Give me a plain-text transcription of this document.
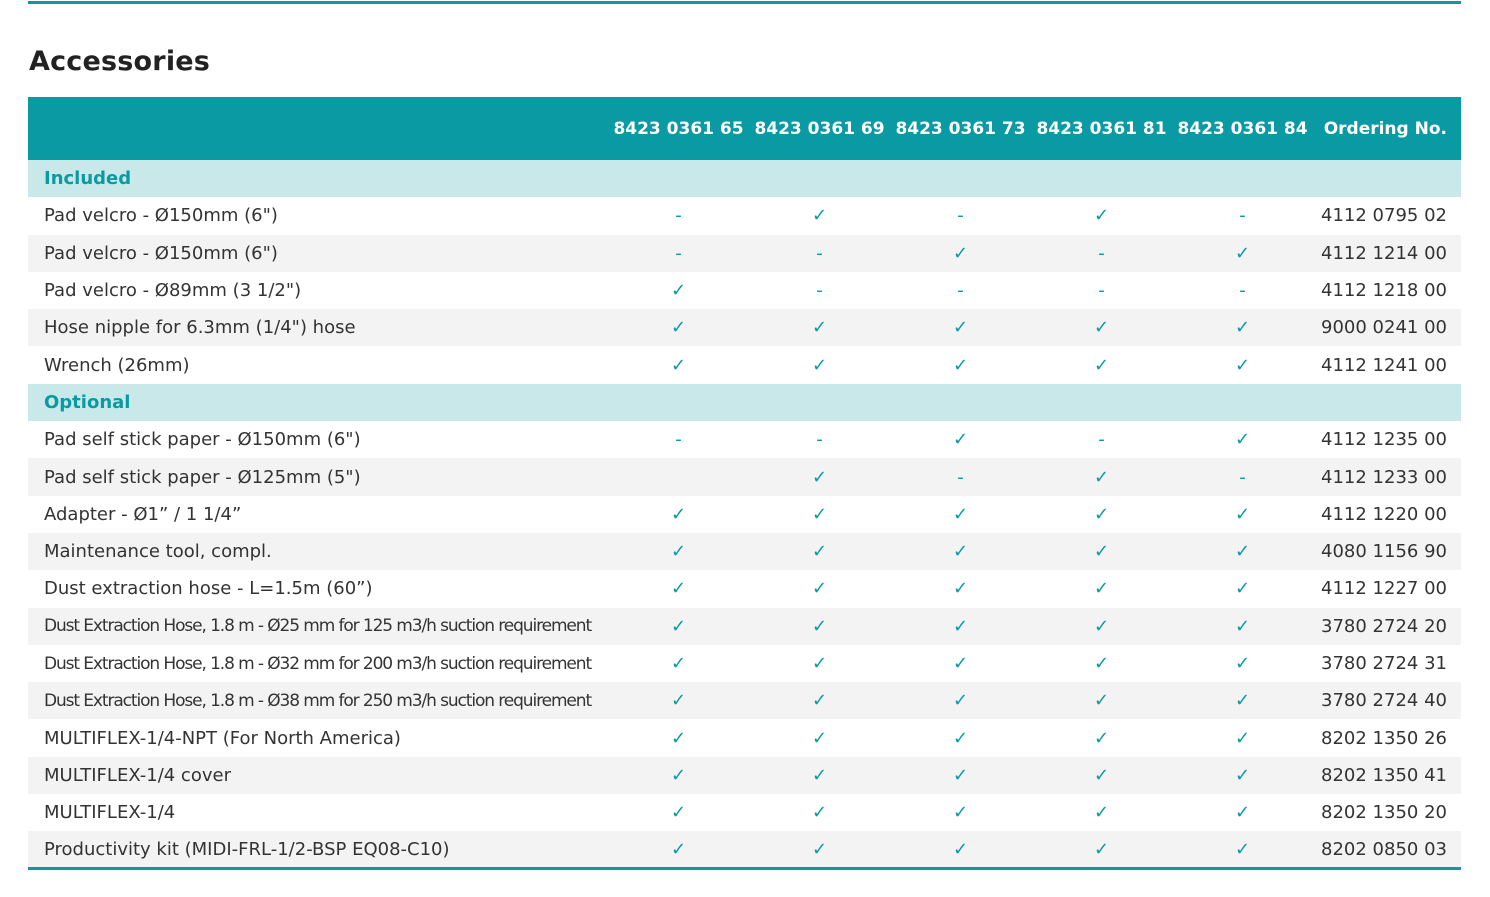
Accessories
	8423 0361 65	8423 0361 69	8423 0361 73	8423 0361 81	8423 0361 84	Ordering No.
Included						
Pad velcro - Ø150mm (6")	-	✓	-	✓	-	4112 0795 02
Pad velcro - Ø150mm (6")	-	-	✓	-	✓	4112 1214 00
Pad velcro - Ø89mm (3 1/2")	✓	-	-	-	-	4112 1218 00
Hose nipple for 6.3mm (1/4") hose	✓	✓	✓	✓	✓	9000 0241 00
Wrench (26mm)	✓	✓	✓	✓	✓	4112 1241 00
Optional						
Pad self stick paper - Ø150mm (6")	-	-	✓	-	✓	4112 1235 00
Pad self stick paper - Ø125mm (5")		✓	-	✓	-	4112 1233 00
Adapter - Ø1” / 1 1/4”	✓	✓	✓	✓	✓	4112 1220 00
Maintenance tool, compl.	✓	✓	✓	✓	✓	4080 1156 90
Dust extraction hose - L=1.5m (60”)	✓	✓	✓	✓	✓	4112 1227 00
Dust Extraction Hose, 1.8 m - Ø25 mm for 125 m3/h suction requirement	✓	✓	✓	✓	✓	3780 2724 20
Dust Extraction Hose, 1.8 m - Ø32 mm for 200 m3/h suction requirement	✓	✓	✓	✓	✓	3780 2724 31
Dust Extraction Hose, 1.8 m - Ø38 mm for 250 m3/h suction requirement	✓	✓	✓	✓	✓	3780 2724 40
MULTIFLEX-1/4-NPT (For North America)	✓	✓	✓	✓	✓	8202 1350 26
MULTIFLEX-1/4 cover	✓	✓	✓	✓	✓	8202 1350 41
MULTIFLEX-1/4	✓	✓	✓	✓	✓	8202 1350 20
Productivity kit (MIDI-FRL-1/2-BSP EQ08-C10)	✓	✓	✓	✓	✓	8202 0850 03
